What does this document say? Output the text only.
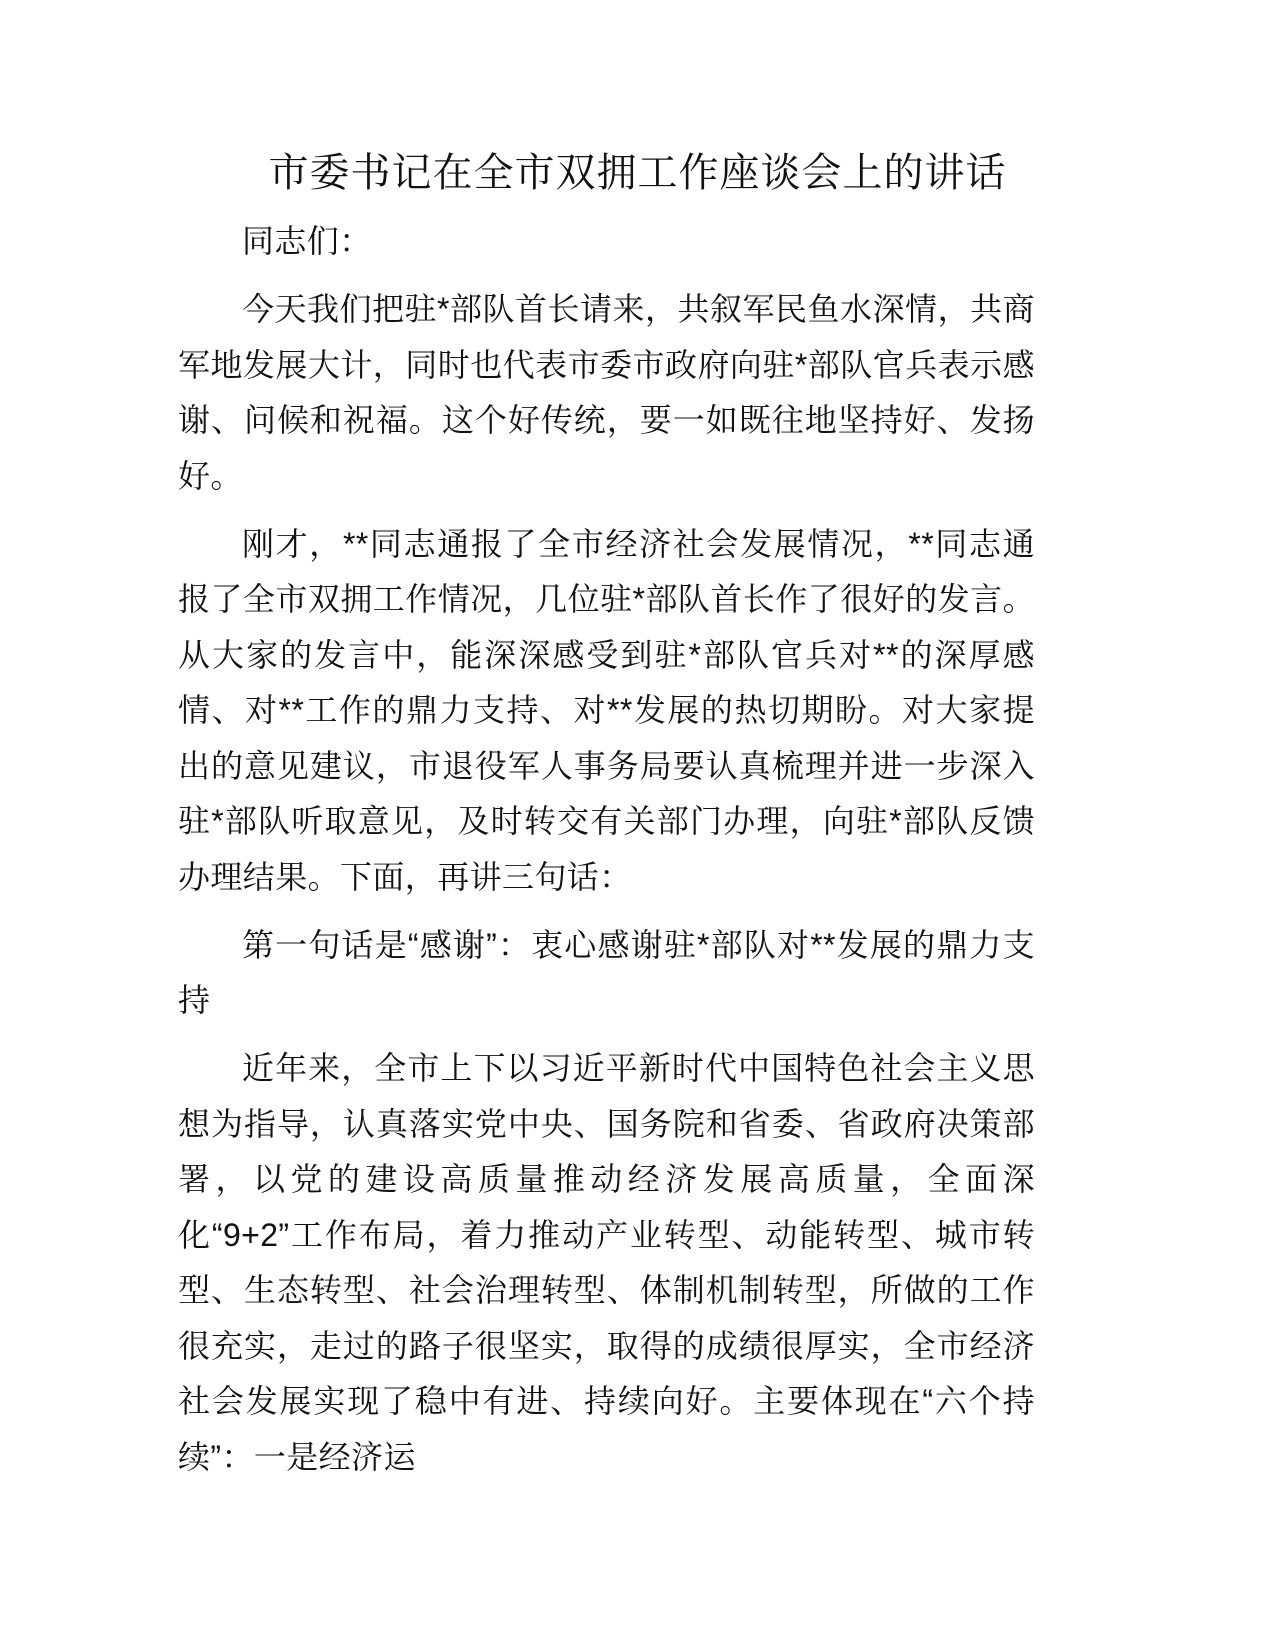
市委书记在全市双拥工作座谈会上的讲话

同志们：

今天我们把驻*部队首长请来，共叙军民鱼水深情，共商军地发展大计，同时也代表市委市政府向驻*部队官兵表示感谢、问候和祝福。这个好传统，要一如既往地坚持好、发扬好。

刚才，**同志通报了全市经济社会发展情况，**同志通报了全市双拥工作情况，几位驻*部队首长作了很好的发言。从大家的发言中，能深深感受到驻*部队官兵对**的深厚感情、对**工作的鼎力支持、对**发展的热切期盼。对大家提出的意见建议，市退役军人事务局要认真梳理并进一步深入驻*部队听取意见，及时转交有关部门办理，向驻*部队反馈办理结果。下面，再讲三句话：

第一句话是“感谢”：衷心感谢驻*部队对**发展的鼎力支持

近年来，全市上下以习近平新时代中国特色社会主义思想为指导，认真落实党中央、国务院和省委、省政府决策部署，以党的建设高质量推动经济发展高质量，全面深化“9+2”工作布局，着力推动产业转型、动能转型、城市转型、生态转型、社会治理转型、体制机制转型，所做的工作很充实，走过的路子很坚实，取得的成绩很厚实，全市经济社会发展实现了稳中有进、持续向好。主要体现在“六个持续”：一是经济运
